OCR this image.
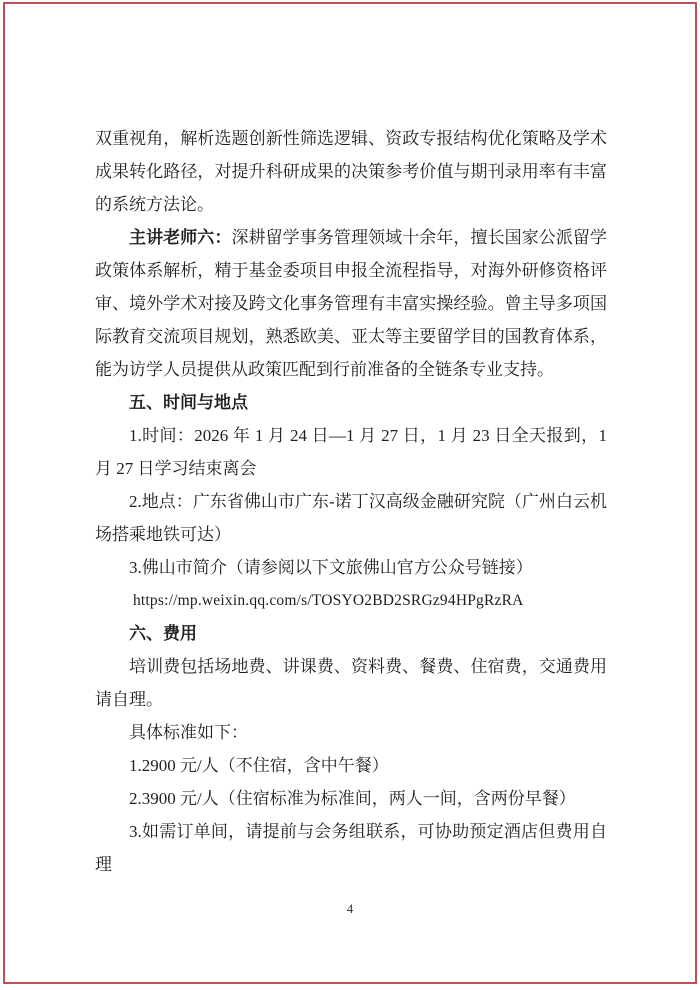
双重视角，解析选题创新性筛选逻辑、资政专报结构优化策略及学术成果转化路径，对提升科研成果的决策参考价值与期刊录用率有丰富的系统方法论。

主讲老师六：深耕留学事务管理领域十余年，擅长国家公派留学政策体系解析，精于基金委项目申报全流程指导，对海外研修资格评审、境外学术对接及跨文化事务管理有丰富实操经验。曾主导多项国际教育交流项目规划，熟悉欧美、亚太等主要留学目的国教育体系，能为访学人员提供从政策匹配到行前准备的全链条专业支持。

五、时间与地点

1.时间：2026 年 1 月 24 日—1 月 27 日，1 月 23 日全天报到，1 月 27 日学习结束离会

2.地点：广东省佛山市广东-诺丁汉高级金融研究院（广州白云机场搭乘地铁可达）

3.佛山市简介（请参阅以下文旅佛山官方公众号链接）

https://mp.weixin.qq.com/s/TOSYO2BD2SRGz94HPgRzRA

六、费用

培训费包括场地费、讲课费、资料费、餐费、住宿费，交通费用请自理。

具体标准如下：

1.2900 元/人（不住宿，含中午餐）

2.3900 元/人（住宿标准为标准间，两人一间，含两份早餐）

3.如需订单间，请提前与会务组联系，可协助预定酒店但费用自理

4
